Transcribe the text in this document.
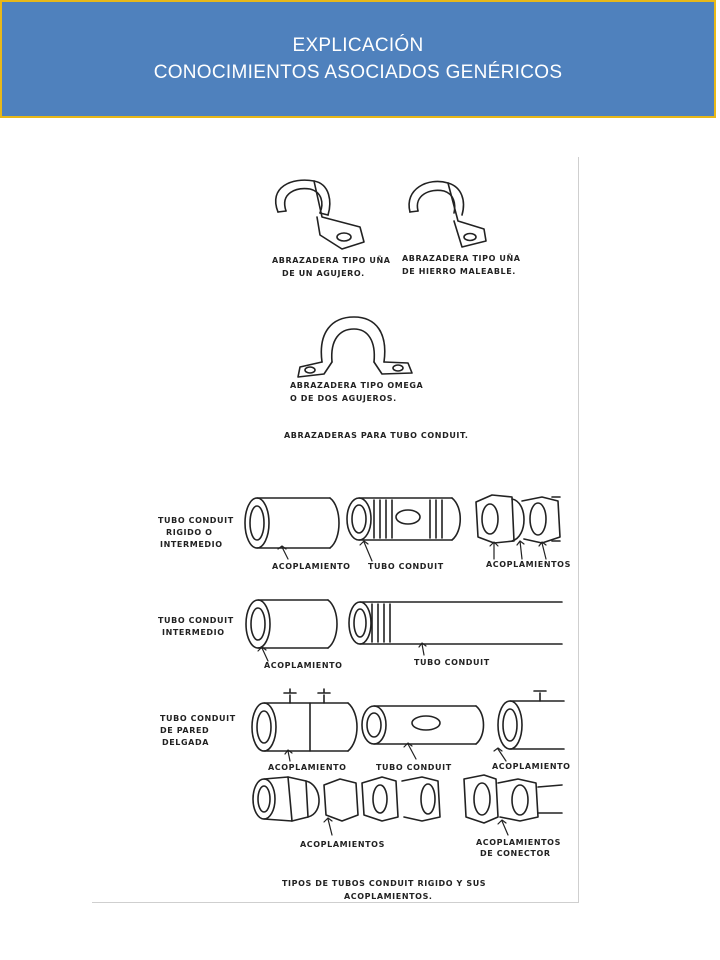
EXPLICACIÓN
CONOCIMIENTOS ASOCIADOS GENÉRICOS
ABRAZADERA TIPO UÑA
DE UN AGUJERO.
ABRAZADERA TIPO UÑA
DE HIERRO MALEABLE.
ABRAZADERA TIPO OMEGA
O DE DOS AGUJEROS.
ABRAZADERAS PARA TUBO CONDUIT.
TUBO CONDUIT
RIGIDO O
INTERMEDIO
ACOPLAMIENTO TUBO CONDUIT	ACOPLAMIENTOS
TUBO CONDUIT
INTERMEDIO
ACOPLAMIENTO	TUBO CONDUIT
TUBO CONDUIT
DE PARED
DELGADA
ACOPLAMIENTO	TUBO CONDUIT	ACOPLAMIENTO
ACOPLAMIENTOS	ACOPLAMIENTOS
DE CONECTOR
TIPOS DE TUBOS CONDUIT RIGIDO Y SUS
ACOPLAMIENTOS.
